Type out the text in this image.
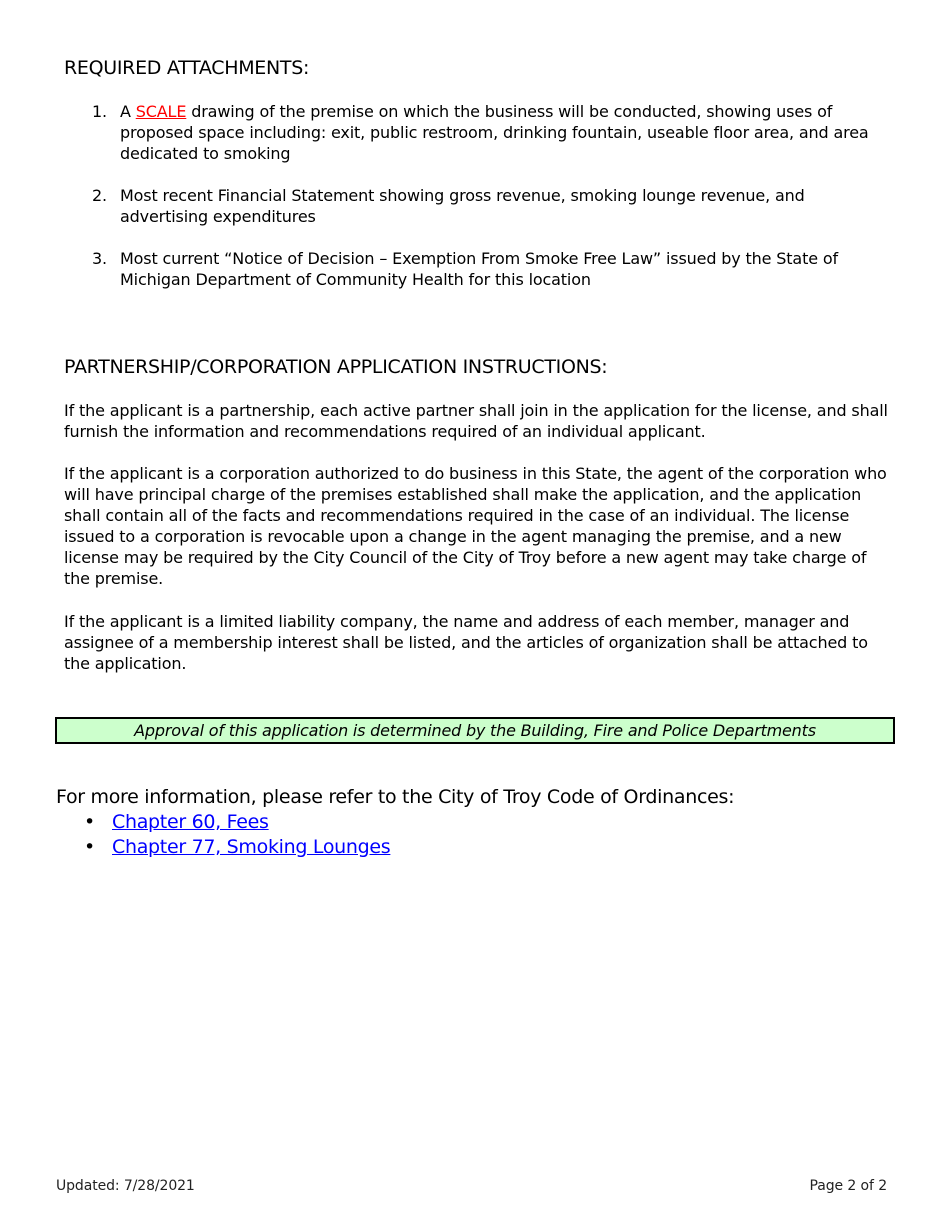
REQUIRED ATTACHMENTS:
1. A SCALE drawing of the premise on which the business will be conducted, showing uses of proposed space including: exit, public restroom, drinking fountain, useable floor area, and area dedicated to smoking
2. Most recent Financial Statement showing gross revenue, smoking lounge revenue, and advertising expenditures
3. Most current “Notice of Decision – Exemption From Smoke Free Law” issued by the State of Michigan Department of Community Health for this location
PARTNERSHIP/CORPORATION APPLICATION INSTRUCTIONS:

If the applicant is a partnership, each active partner shall join in the application for the license, and shall furnish the information and recommendations required of an individual applicant.

If the applicant is a corporation authorized to do business in this State, the agent of the corporation who will have principal charge of the premises established shall make the application, and the application shall contain all of the facts and recommendations required in the case of an individual. The license issued to a corporation is revocable upon a change in the agent managing the premise, and a new license may be required by the City Council of the City of Troy before a new agent may take charge of the premise.

If the applicant is a limited liability company, the name and address of each member, manager and assignee of a membership interest shall be listed, and the articles of organization shall be attached to the application.

Approval of this application is determined by the Building, Fire and Police Departments

For more information, please refer to the City of Troy Code of Ordinances:

• Chapter 60, Fees
• Chapter 77, Smoking Lounges
Updated: 7/28/2021	Page 2 of 2
